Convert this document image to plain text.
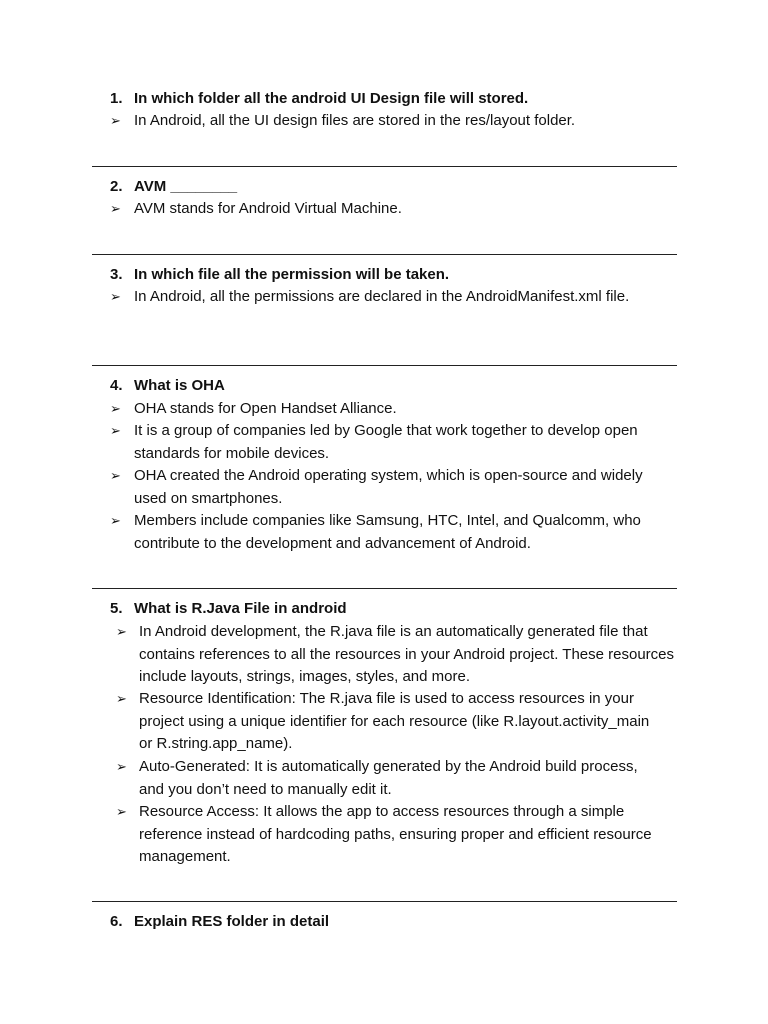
1. In which folder all the android UI Design file will stored.
➢ In Android, all the UI design files are stored in the res/layout folder.
2. AVM ________
➢ AVM stands for Android Virtual Machine.
3. In which file all the permission will be taken.
➢ In Android, all the permissions are declared in the AndroidManifest.xml file.
4. What is OHA
➢ OHA stands for Open Handset Alliance.
➢ It is a group of companies led by Google that work together to develop open standards for mobile devices.
➢ OHA created the Android operating system, which is open-source and widely used on smartphones.
➢ Members include companies like Samsung, HTC, Intel, and Qualcomm, who contribute to the development and advancement of Android.
5. What is R.Java File in android
➢ In Android development, the R.java file is an automatically generated file that contains references to all the resources in your Android project. These resources include layouts, strings, images, styles, and more.
➢ Resource Identification: The R.java file is used to access resources in your project using a unique identifier for each resource (like R.layout.activity_main or R.string.app_name).
➢ Auto-Generated: It is automatically generated by the Android build process, and you don’t need to manually edit it.
➢ Resource Access: It allows the app to access resources through a simple reference instead of hardcoding paths, ensuring proper and efficient resource management.
6. Explain RES folder in detail
